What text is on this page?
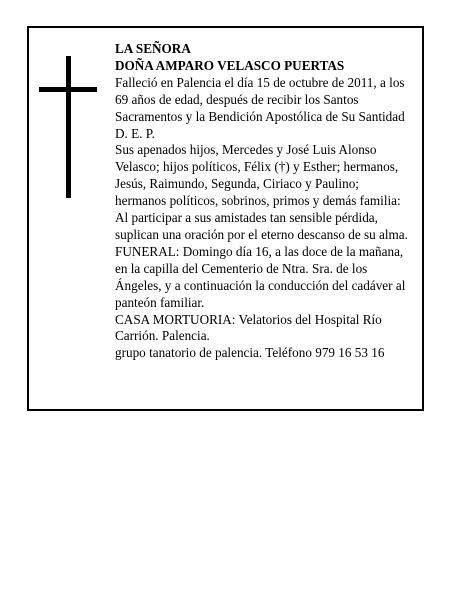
LA SEÑORA
DOÑA AMPARO VELASCO PUERTAS
Falleció en Palencia el día 15 de octubre de 2011, a los
69 años de edad, después de recibir los Santos
Sacramentos y la Bendición Apostólica de Su Santidad
D. E. P.
Sus apenados hijos, Mercedes y José Luis Alonso
Velasco; hijos políticos, Félix (†) y Esther; hermanos,
Jesús, Raimundo, Segunda, Ciriaco y Paulino;
hermanos políticos, sobrinos, primos y demás familia:
Al participar a sus amistades tan sensible pérdida,
suplican una oración por el eterno descanso de su alma.
FUNERAL: Domingo día 16, a las doce de la mañana,
en la capilla del Cementerio de Ntra. Sra. de los
Ángeles, y a continuación la conducción del cadáver al
panteón familiar.
CASA MORTUORIA: Velatorios del Hospital Río
Carrión. Palencia.
grupo tanatorio de palencia. Teléfono 979 16 53 16
